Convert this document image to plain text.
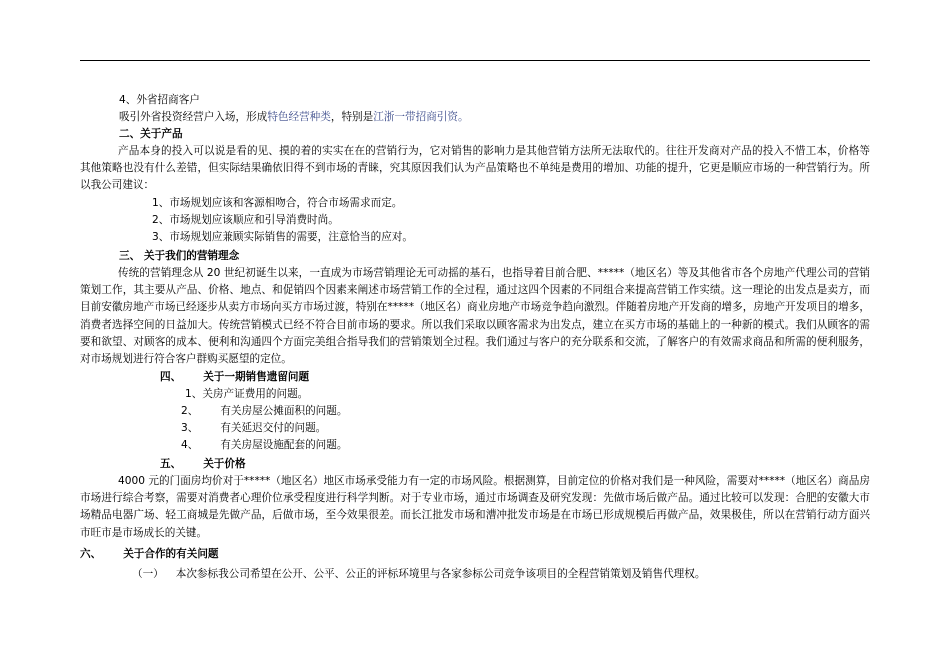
4、外省招商客户
吸引外省投资经营户入场，形成特色经营种类，特别是江浙一带招商引资。
二、关于产品
产品本身的投入可以说是看的见、摸的着的实实在在的营销行为，它对销售的影响力是其他营销方法所无法取代的。往往开发商对产品的投入不惜工本，价格等其他策略也没有什么差错，但实际结果确依旧得不到市场的青睐，究其原因我们认为产品策略也不单纯是费用的增加、功能的提升，它更是顺应市场的一种营销行为。所以我公司建议：
1、市场规划应该和客源相吻合，符合市场需求而定。
2、市场规划应该顺应和引导消费时尚。
3、市场规划应兼顾实际销售的需要，注意恰当的应对。
三、 关于我们的营销理念
传统的营销理念从 20 世纪初诞生以来，一直成为市场营销理论无可动摇的基石，也指导着目前合肥、*****（地区名）等及其他省市各个房地产代理公司的营销策划工作，其主要从产品、价格、地点、和促销四个因素来阐述市场营销工作的全过程，通过这四个因素的不同组合来提高营销工作实绩。这一理论的出发点是卖方，而目前安徽房地产市场已经逐步从卖方市场向买方市场过渡，特别在*****（地区名）商业房地产市场竞争趋向激烈。伴随着房地产开发商的增多，房地产开发项目的增多，消费者选择空间的日益加大。传统营销模式已经不符合目前市场的要求。所以我们采取以顾客需求为出发点，建立在买方市场的基础上的一种新的模式。我们从顾客的需要和欲望、对顾客的成本、便利和沟通四个方面完美组合指导我们的营销策划全过程。我们通过与客户的充分联系和交流，了解客户的有效需求商品和所需的便利服务，对市场规划进行符合客户群购买愿望的定位。
四、 关于一期销售遗留问题
1、关房产证费用的问题。
2、 有关房屋公摊面积的问题。
3、 有关延迟交付的问题。
4、 有关房屋设施配套的问题。
五、 关于价格
4000 元的门面房均价对于*****（地区名）地区市场承受能力有一定的市场风险。根据测算，目前定位的价格对我们是一种风险，需要对*****（地区名）商品房市场进行综合考察，需要对消费者心理价位承受程度进行科学判断。对于专业市场，通过市场调查及研究发现：先做市场后做产品。通过比较可以发现：合肥的安徽大市场精品电器广场、轻工商城是先做产品，后做市场，至今效果很差。而长江批发市场和漕冲批发市场是在市场已形成规模后再做产品，效果极佳，所以在营销行动方面兴市旺市是市场成长的关键。
六、 关于合作的有关问题
（一） 本次参标我公司希望在公开、公平、公正的评标环境里与各家参标公司竞争该项目的全程营销策划及销售代理权。
